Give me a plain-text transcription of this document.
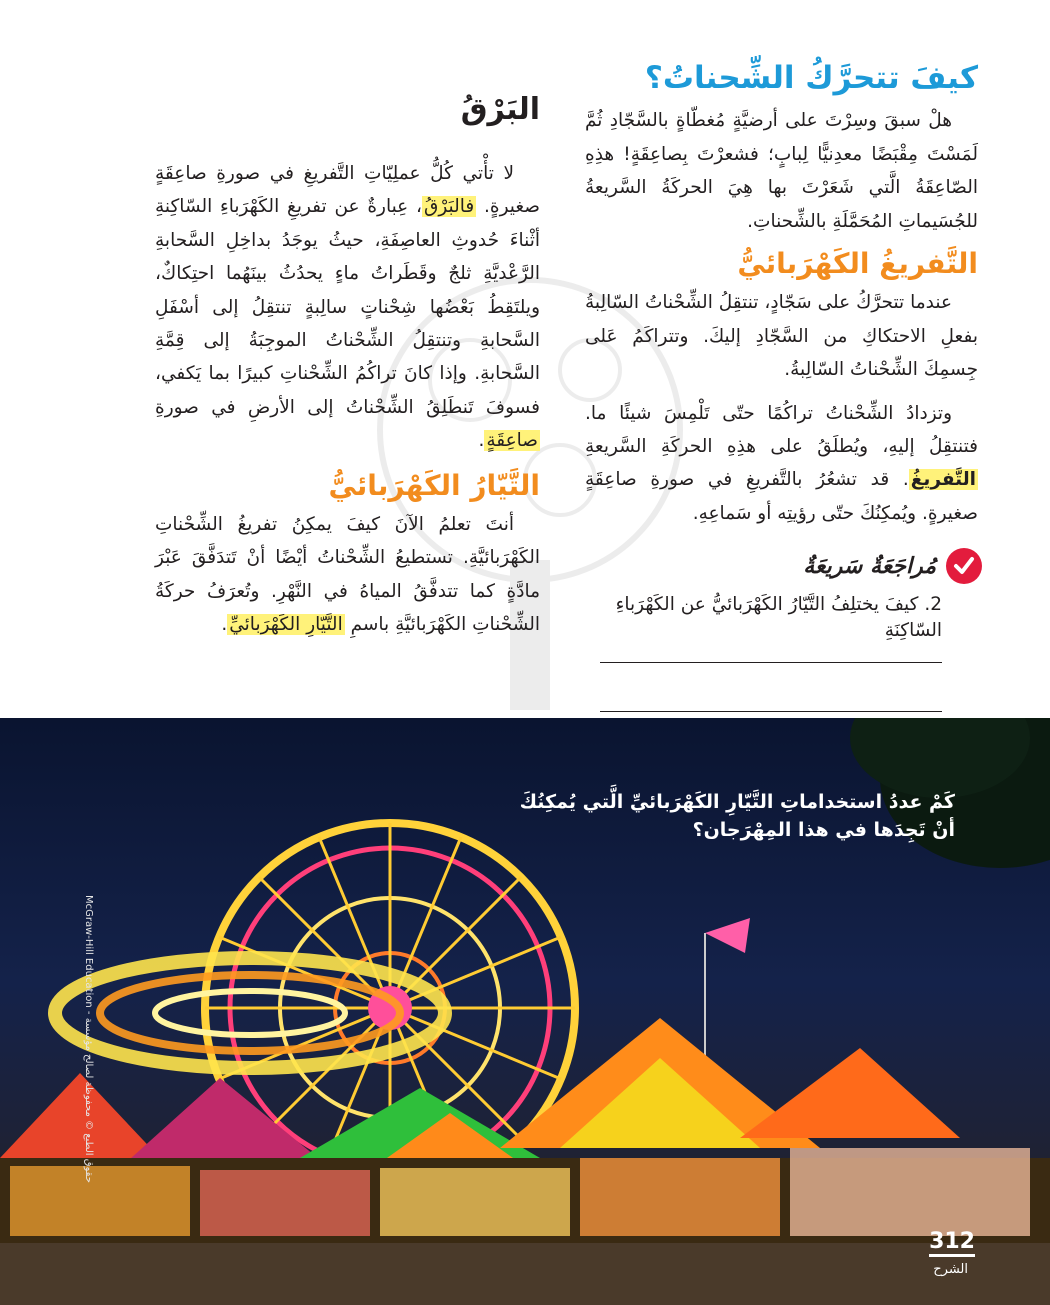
كيفَ تتحرَّكُ الشِّحناتُ؟

هلْ سبقَ وسِرْتَ على أرضيَّةٍ مُغطّاةٍ بالسَّجّادِ ثُمَّ لَمَسْتَ مِقْبَضًا معدِنيًّا لِبابٍ؛ فشعرْتَ بِصاعِقَةٍ! هذِهِ الصّاعِقَةُ الَّتي شَعَرْتَ بها هِيَ الحركَةُ السَّريعةُ للجُسَيماتِ المُحَمَّلَةِ بالشِّحناتِ.

التَّفريغُ الكَهْرَبائيُّ

عندما تتحرَّكُ على سَجّادٍ، تنتقِلُ الشِّحْناتُ السّالِبةُ بفعلِ الاحتكاكِ من السَّجّادِ إليكَ. وتتراكَمُ عَلى جِسمِكَ الشِّحْناتُ السّالِبةُ.

وتزدادُ الشِّحْناتُ تراكُمًا حتّى تَلْمِسَ شيئًا ما. فتنتقِلُ إليهِ، ويُطلَقُ على هذِهِ الحركَةِ السَّريعةِ التَّفريغُ. قد تشعُرُ بالتَّفريغِ في صورةِ صاعِقَةٍ صغيرةٍ. ويُمكِنُكَ حتّى رؤيتِه أو سَماعِهِ.

مُراجَعَةٌ سَريعَةٌ

2. كيفَ يختلِفُ التَّيّارُ الكَهْرَبائيُّ عن الكَهْرَباءِ السّاكِنَةِ

البَرْقُ

لا تأْتي كُلُّ عملِيّاتِ التَّفريغِ في صورةِ صاعِقَةٍ صغيرةٍ. فالبَرْقُ، عِبارةٌ عن تفريغِ الكَهْرَباءِ السّاكِنةِ أثْناءَ حُدوثِ العاصِفَةِ، حيثُ يوجَدُ بداخِلِ السَّحابةِ الرَّعْديَّةِ ثلجٌ وقَطَراتُ ماءٍ يحدُثُ بينَهُما احتِكاكٌ، ويلتَقِطُ بَعْضُها شِحْناتٍ سالِبةٍ تنتقِلُ إلى أسْفَلِ السَّحابةِ وتنتقِلُ الشِّحْناتُ الموجِبَةُ إلى قِمَّةِ السَّحابةِ. وإذا كانَ تراكُمُ الشِّحْناتِ كبيرًا بما يَكفي، فسوفَ تَنطَلِقُ الشِّحْناتُ إلى الأرضِ في صورةِ صاعِقَةٍ.

التَّيّارُ الكَهْرَبائيُّ

أنتَ تعلمُ الآنَ كيفَ يمكِنُ تفريغُ الشِّحْناتِ الكَهْرَبائيَّةِ. تستطيعُ الشِّحْناتُ أيْضًا أنْ تَتدَفَّقَ عَبْرَ مادَّةٍ كما تتدفَّقُ المياهُ في النَّهْرِ. وتُعرَفُ حركَةُ الشِّحْناتِ الكَهْرَبائيَّةِ باسمِ التَّيّارِ الكَهْرَبائيِّ.

كَمْ عددُ استخداماتِ التَّيّارِ الكَهْرَبائيِّ الَّتي يُمكِنُكَ أنْ تَجِدَها في هذا المِهْرَجان؟
312
الشرح
McGraw-Hill Education - حقوق الطبع © محفوظة لصالح مؤسسة
